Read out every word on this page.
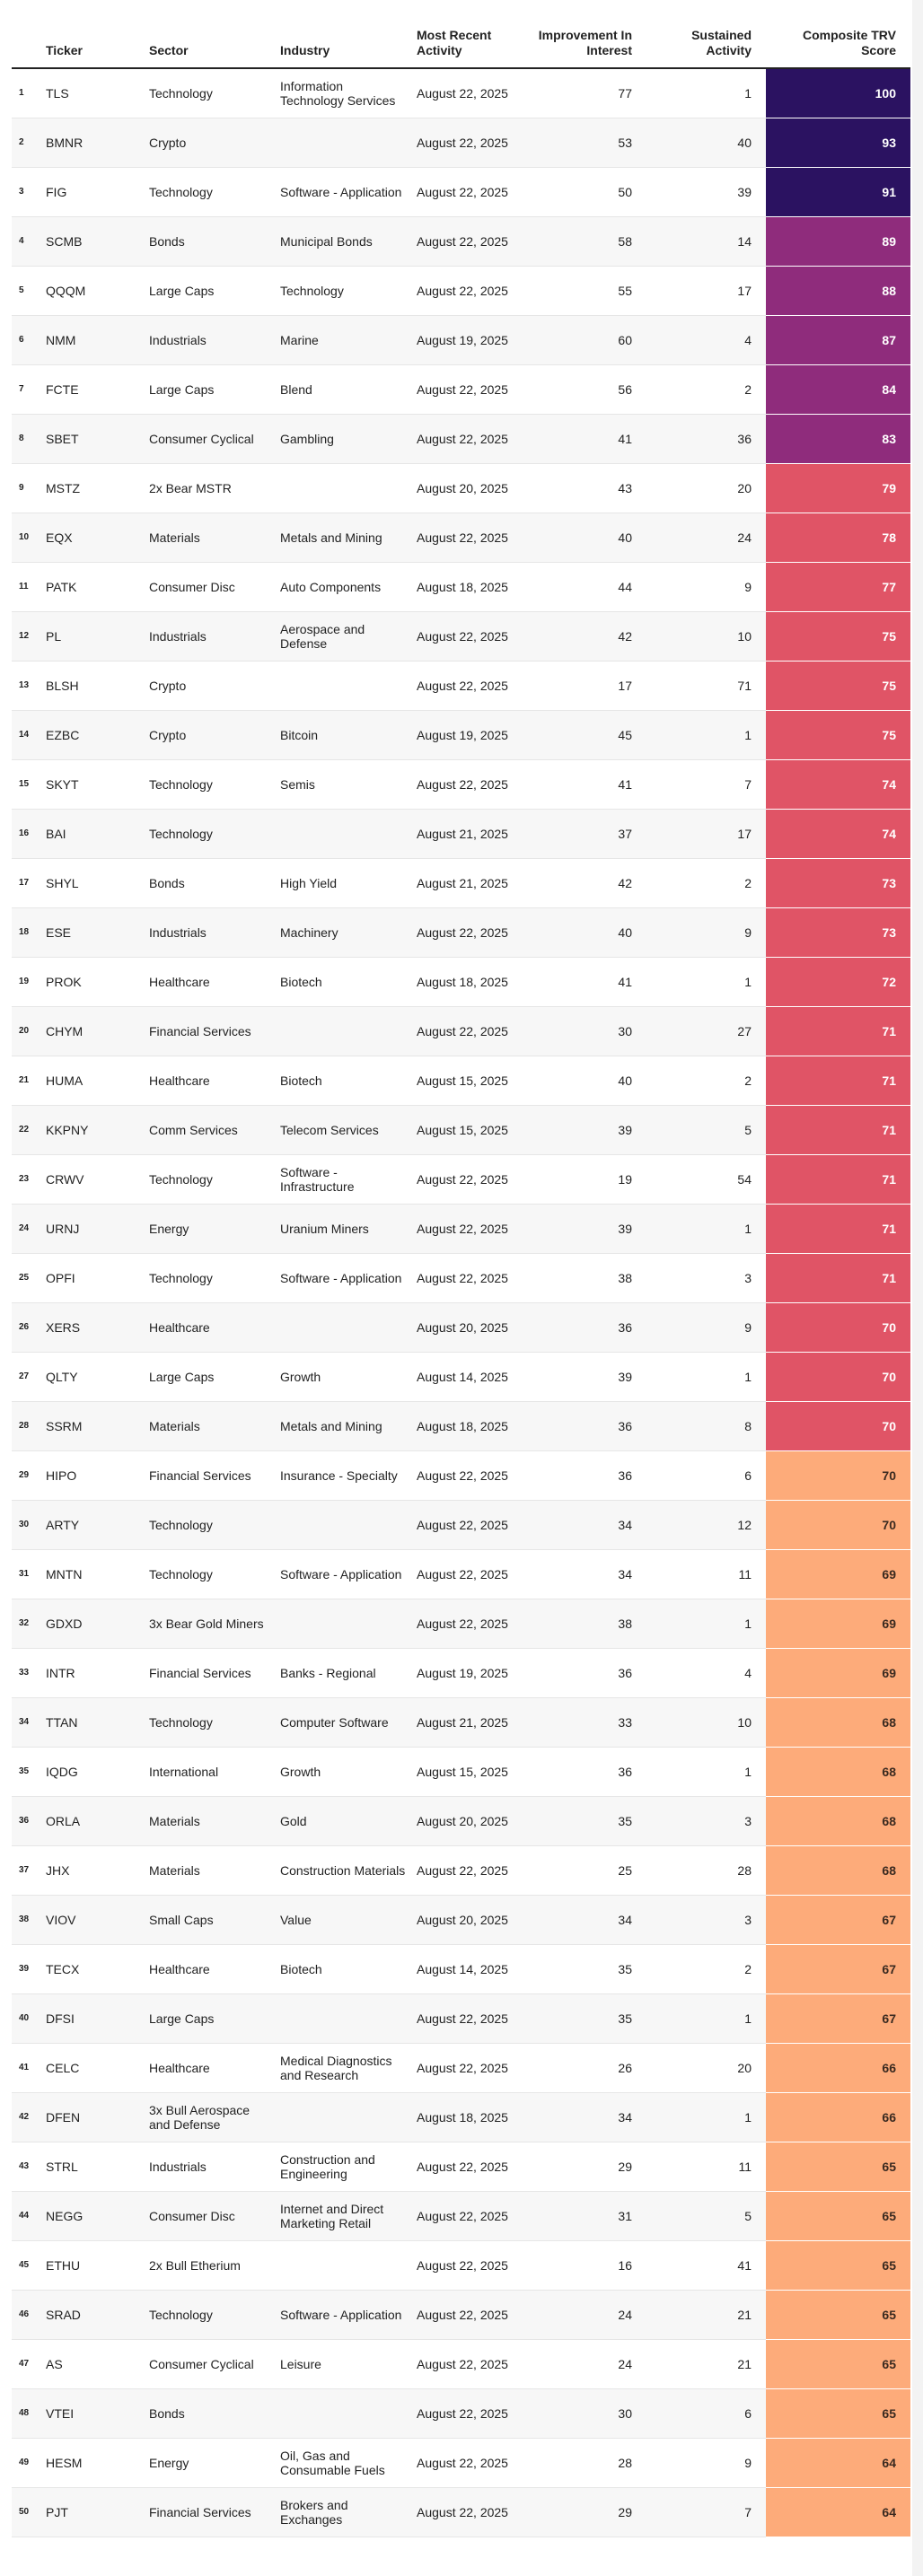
	Ticker	Sector	Industry	Most Recent Activity	Improvement In Interest	Sustained Activity	Composite TRV Score
1	TLS	Technology	Information Technology Services	August 22, 2025	77	1	100
2	BMNR	Crypto		August 22, 2025	53	40	93
3	FIG	Technology	Software - Application	August 22, 2025	50	39	91
4	SCMB	Bonds	Municipal Bonds	August 22, 2025	58	14	89
5	QQQM	Large Caps	Technology	August 22, 2025	55	17	88
6	NMM	Industrials	Marine	August 19, 2025	60	4	87
7	FCTE	Large Caps	Blend	August 22, 2025	56	2	84
8	SBET	Consumer Cyclical	Gambling	August 22, 2025	41	36	83
9	MSTZ	2x Bear MSTR		August 20, 2025	43	20	79
10	EQX	Materials	Metals and Mining	August 22, 2025	40	24	78
11	PATK	Consumer Disc	Auto Components	August 18, 2025	44	9	77
12	PL	Industrials	Aerospace and Defense	August 22, 2025	42	10	75
13	BLSH	Crypto		August 22, 2025	17	71	75
14	EZBC	Crypto	Bitcoin	August 19, 2025	45	1	75
15	SKYT	Technology	Semis	August 22, 2025	41	7	74
16	BAI	Technology		August 21, 2025	37	17	74
17	SHYL	Bonds	High Yield	August 21, 2025	42	2	73
18	ESE	Industrials	Machinery	August 22, 2025	40	9	73
19	PROK	Healthcare	Biotech	August 18, 2025	41	1	72
20	CHYM	Financial Services		August 22, 2025	30	27	71
21	HUMA	Healthcare	Biotech	August 15, 2025	40	2	71
22	KKPNY	Comm Services	Telecom Services	August 15, 2025	39	5	71
23	CRWV	Technology	Software - Infrastructure	August 22, 2025	19	54	71
24	URNJ	Energy	Uranium Miners	August 22, 2025	39	1	71
25	OPFI	Technology	Software - Application	August 22, 2025	38	3	71
26	XERS	Healthcare		August 20, 2025	36	9	70
27	QLTY	Large Caps	Growth	August 14, 2025	39	1	70
28	SSRM	Materials	Metals and Mining	August 18, 2025	36	8	70
29	HIPO	Financial Services	Insurance - Specialty	August 22, 2025	36	6	70
30	ARTY	Technology		August 22, 2025	34	12	70
31	MNTN	Technology	Software - Application	August 22, 2025	34	11	69
32	GDXD	3x Bear Gold Miners		August 22, 2025	38	1	69
33	INTR	Financial Services	Banks - Regional	August 19, 2025	36	4	69
34	TTAN	Technology	Computer Software	August 21, 2025	33	10	68
35	IQDG	International	Growth	August 15, 2025	36	1	68
36	ORLA	Materials	Gold	August 20, 2025	35	3	68
37	JHX	Materials	Construction Materials	August 22, 2025	25	28	68
38	VIOV	Small Caps	Value	August 20, 2025	34	3	67
39	TECX	Healthcare	Biotech	August 14, 2025	35	2	67
40	DFSI	Large Caps		August 22, 2025	35	1	67
41	CELC	Healthcare	Medical Diagnostics and Research	August 22, 2025	26	20	66
42	DFEN	3x Bull Aerospace and Defense		August 18, 2025	34	1	66
43	STRL	Industrials	Construction and Engineering	August 22, 2025	29	11	65
44	NEGG	Consumer Disc	Internet and Direct Marketing Retail	August 22, 2025	31	5	65
45	ETHU	2x Bull Etherium		August 22, 2025	16	41	65
46	SRAD	Technology	Software - Application	August 22, 2025	24	21	65
47	AS	Consumer Cyclical	Leisure	August 22, 2025	24	21	65
48	VTEI	Bonds		August 22, 2025	30	6	65
49	HESM	Energy	Oil, Gas and Consumable Fuels	August 22, 2025	28	9	64
50	PJT	Financial Services	Brokers and Exchanges	August 22, 2025	29	7	64
